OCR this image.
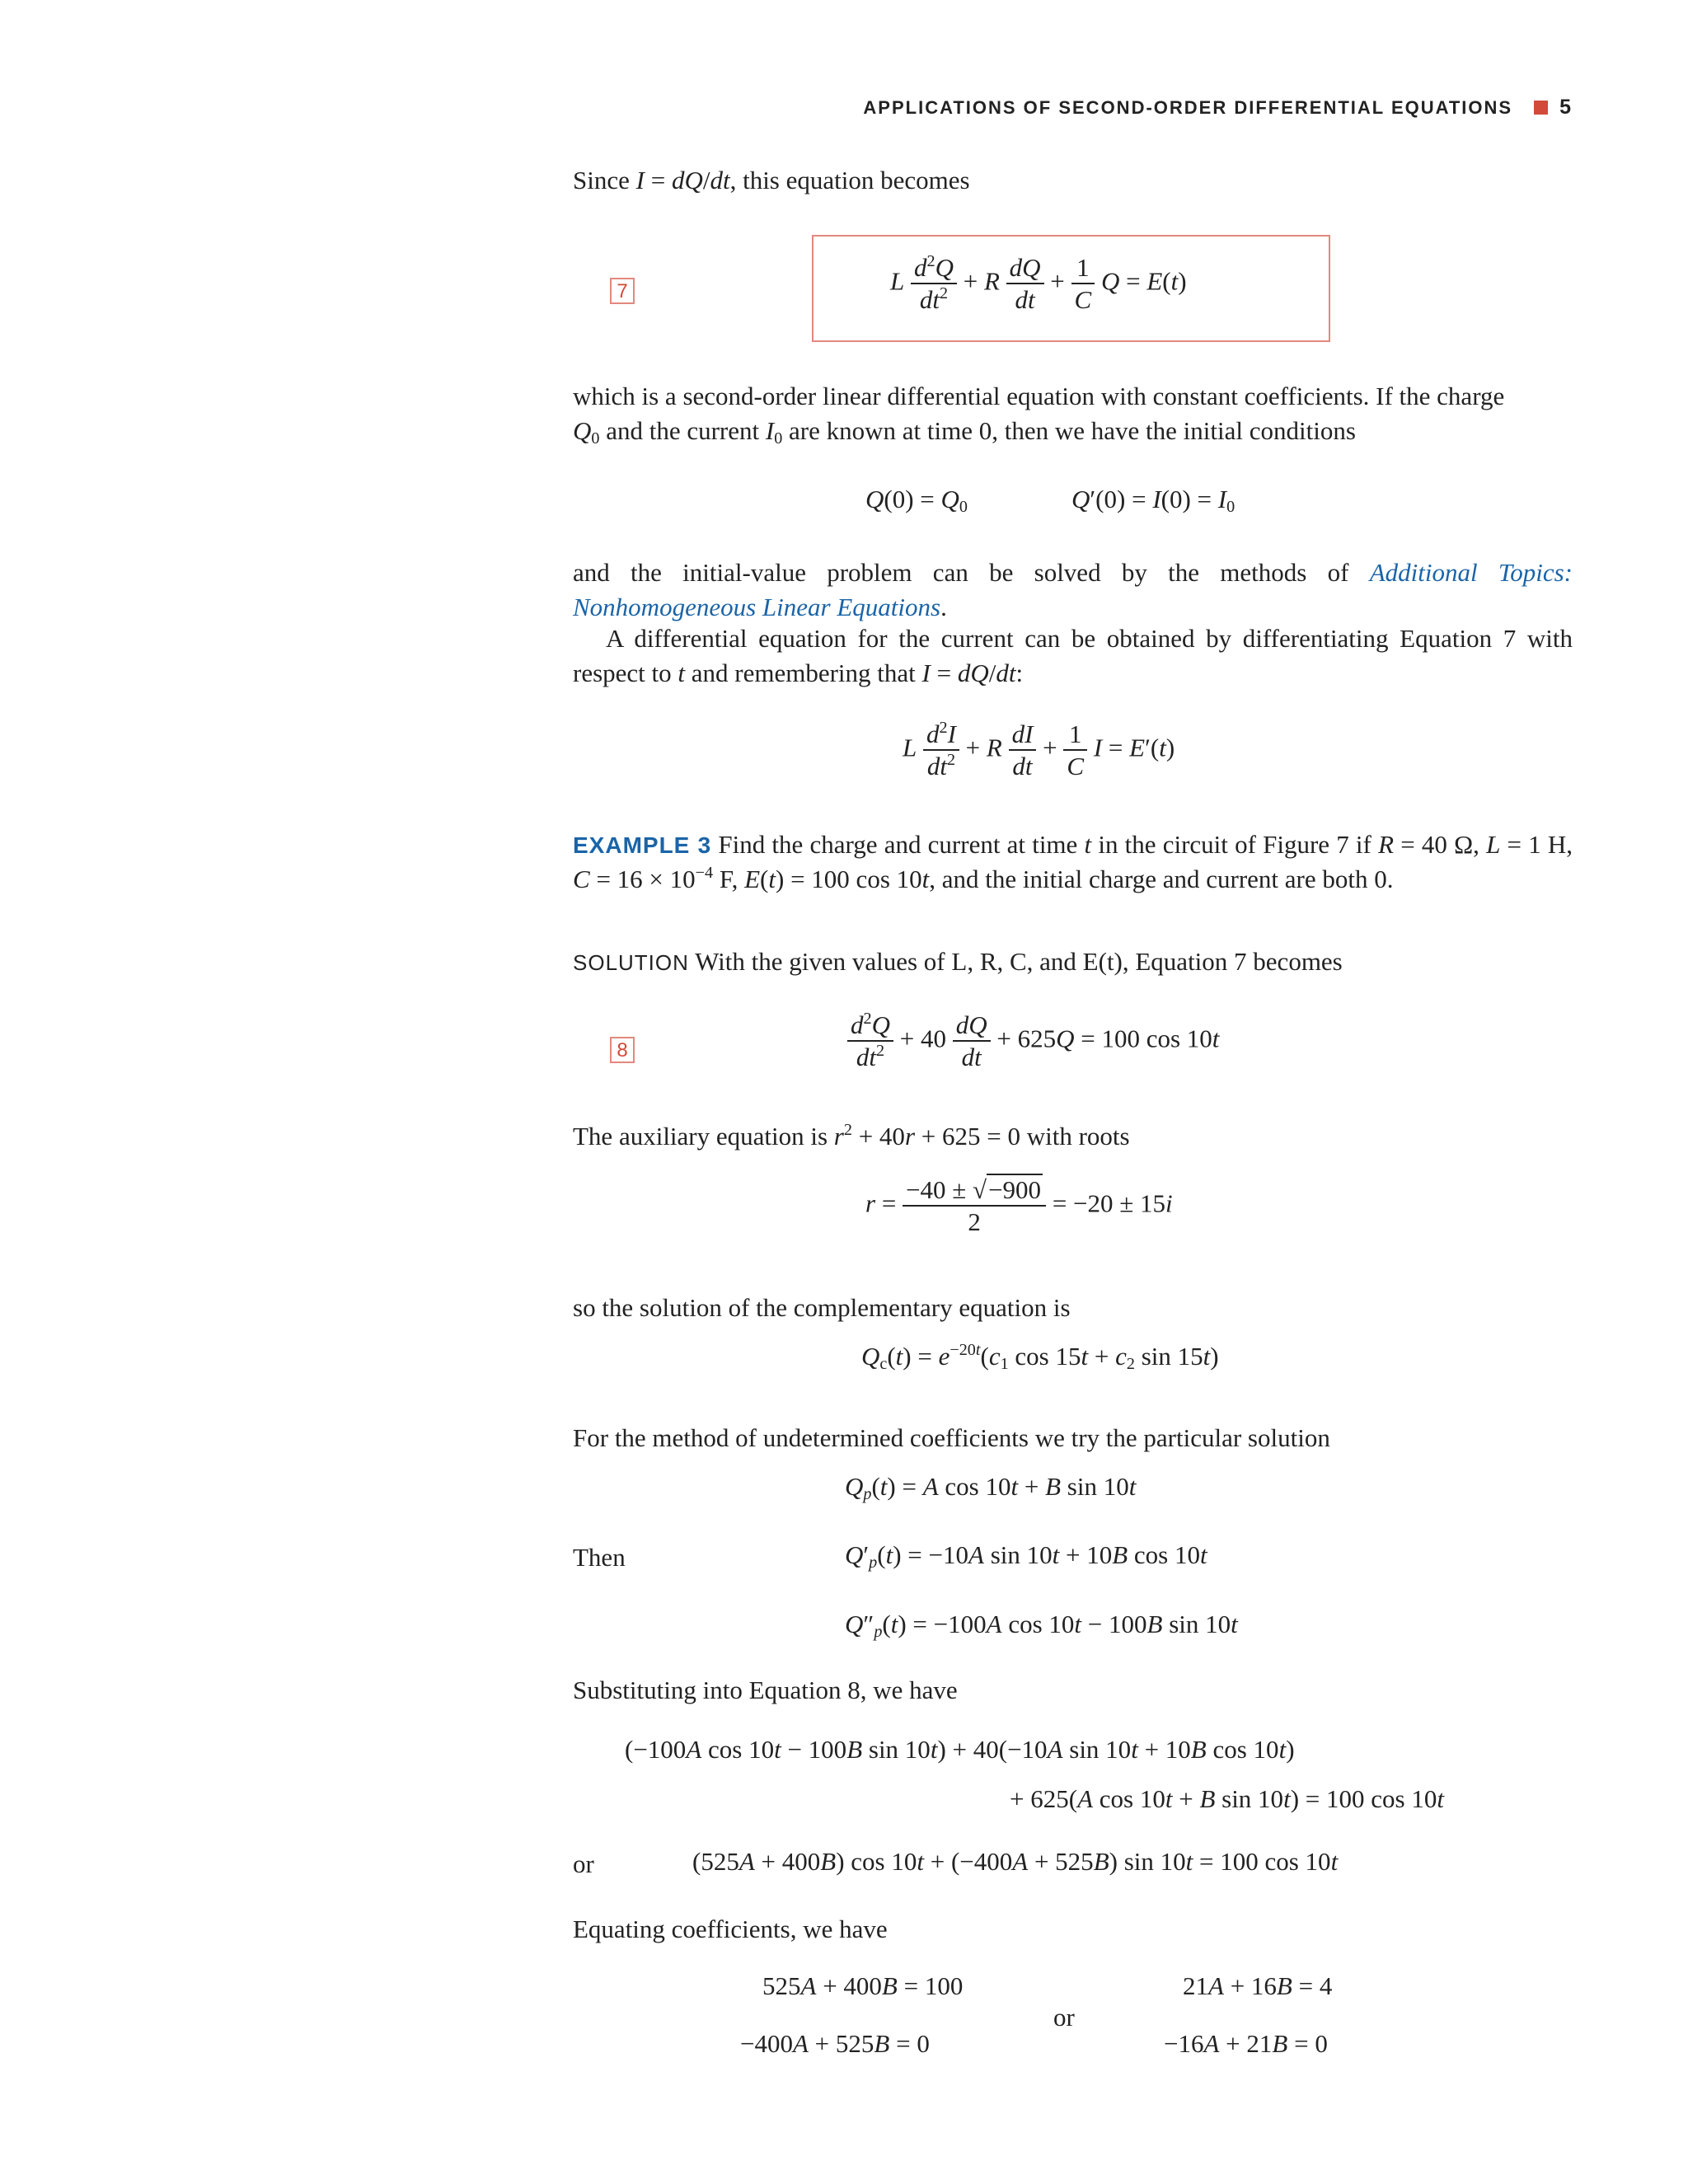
APPLICATIONS OF SECOND-ORDER DIFFERENTIAL EQUATIONS 5
Since I = dQ/dt, this equation becomes
7	L $\frac{d^2Q}{dt^2} + R \frac{dQ}{dt} + \frac{1}{C}$ Q = E(t)
which is a second-order linear differential equation with constant coefficients. If the charge
$Q_0$ and the current $I_0$ are known at time 0, then we have the initial conditions
$Q(0) = Q_0$	$Q'(0) = I(0) = I_0$
and the initial-value problem can be solved by the methods of Additional Topics: Nonhomogeneous Linear Equations.
A differential equation for the current can be obtained by differentiating Equation 7 with respect to t and remembering that I = dQ/dt:
L $\frac{d^2I}{dt^2} + R \frac{dI}{dt} + \frac{1}{C}$ I = E′(t)
EXAMPLE 3 Find the charge and current at time t in the circuit of Figure 7 if R = 40 Ω, L = 1 H, $C = 16 \times 10^{-4}$ F, E(t) = 100 cos 10t, and the initial charge and current are both 0.
SOLUTION With the given values of L, R, C, and E(t), Equation 7 becomes
8	$\frac{d^2Q}{dt^2} + 40 \frac{dQ}{dt} + 625Q = 100$ cos 10t
The auxiliary equation is $r^2 + 40r + 625 = 0$ with roots
$r = \frac{-40 \pm √-900}{2} = -20 \pm 15i$
so the solution of the complementary equation is
$Q_c(t) = e^{-20t}(c_1$ $\cos 15t + c_2$ sin 15t)
For the method of undetermined coefficients we try the particular solution
$Q_p(t) = A$ cos 10t + B sin 10t
Then	$Q'_p(t) = -10A$ sin 10t + 10B cos 10t
$Q''_p(t) = -100A$ cos 10t − 100B sin 10t
Substituting into Equation 8, we have
(−100A cos 10t − 100B sin 10t) + 40(−10A sin 10t + 10B cos 10t)
+ 625(A cos 10t + B sin 10t) = 100 cos 10t
or	(525A + 400B) cos 10t + (−400A + 525B) sin 10t = 100 cos 10t
Equating coefficients, we have
525A + 400B = 100
−400A + 525B = 0
or
21A + 16B = 4
−16A + 21B = 0
